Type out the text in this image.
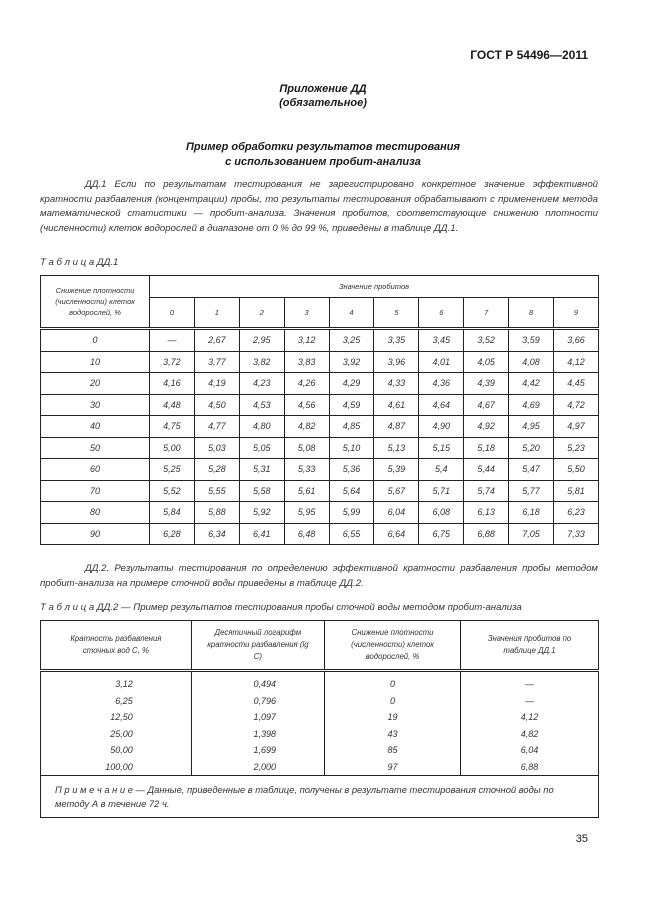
ГОСТ Р 54496—2011
Приложение ДД
(обязательное)
Пример обработки результатов тестирования
с использованием пробит-анализа
ДД.1 Если по результатам тестирования не зарегистрировано конкретное значение эффективной кратности разбавления (концентрации) пробы, то результаты тестирования обрабатывают с применением метода математической статистики — пробит-анализа. Значения пробитов, соответствующие снижению плотности (численности) клеток водорослей в диапазоне от 0 % до 99 %, приведены в таблице ДД.1.
Т а б л и ц а ДД.1
Снижение плотности (численности) клеток водорослей, %	Значение пробитов									
	0	1	2	3	4	5	6	7	8	9
0	—	2,67	2,95	3,12	3,25	3,35	3,45	3,52	3,59	3,66
10	3,72	3,77	3,82	3,83	3,92	3,96	4,01	4,05	4,08	4,12
20	4,16	4,19	4,23	4,26	4,29	4,33	4,36	4,39	4,42	4,45
30	4,48	4,50	4,53	4,56	4,59	4,61	4,64	4,67	4,69	4,72
40	4,75	4,77	4,80	4,82	4,85	4,87	4,90	4,92	4,95	4,97
50	5,00	5,03	5,05	5,08	5,10	5,13	5,15	5,18	5,20	5,23
60	5,25	5,28	5,31	5,33	5,36	5,39	5,4	5,44	5,47	5,50
70	5,52	5,55	5,58	5,61	5,64	5,67	5,71	5,74	5,77	5,81
80	5,84	5,88	5,92	5,95	5,99	6,04	6,08	6,13	6,18	6,23
90	6,28	6,34	6,41	6,48	6,55	6,64	6,75	6,88	7,05	7,33
ДД.2. Результаты тестирования по определению эффективной кратности разбавления пробы методом пробит-анализа на примере сточной воды приведены в таблице ДД.2.
Т а б л и ц а ДД.2 — Пример результатов тестирования пробы сточной воды методом пробит-анализа
Кратность разбавления сточных вод С, %	Десятичный логарифм кратности разбавления (lg C)	Снижение плотности (численности) клеток водорослей, %	Значения пробитов по таблице ДД.1
3,12	0,494	0	—
6,25	0,796	0	—
12,50	1,097	19	4,12
25,00	1,398	43	4,82
50,00	1,699	85	6,04
100,00	2,000	97	6,88
П р и м е ч а н и е — Данные, приведенные в таблице, получены в результате тестирования сточной воды по методу А в течение 72 ч.			
35
